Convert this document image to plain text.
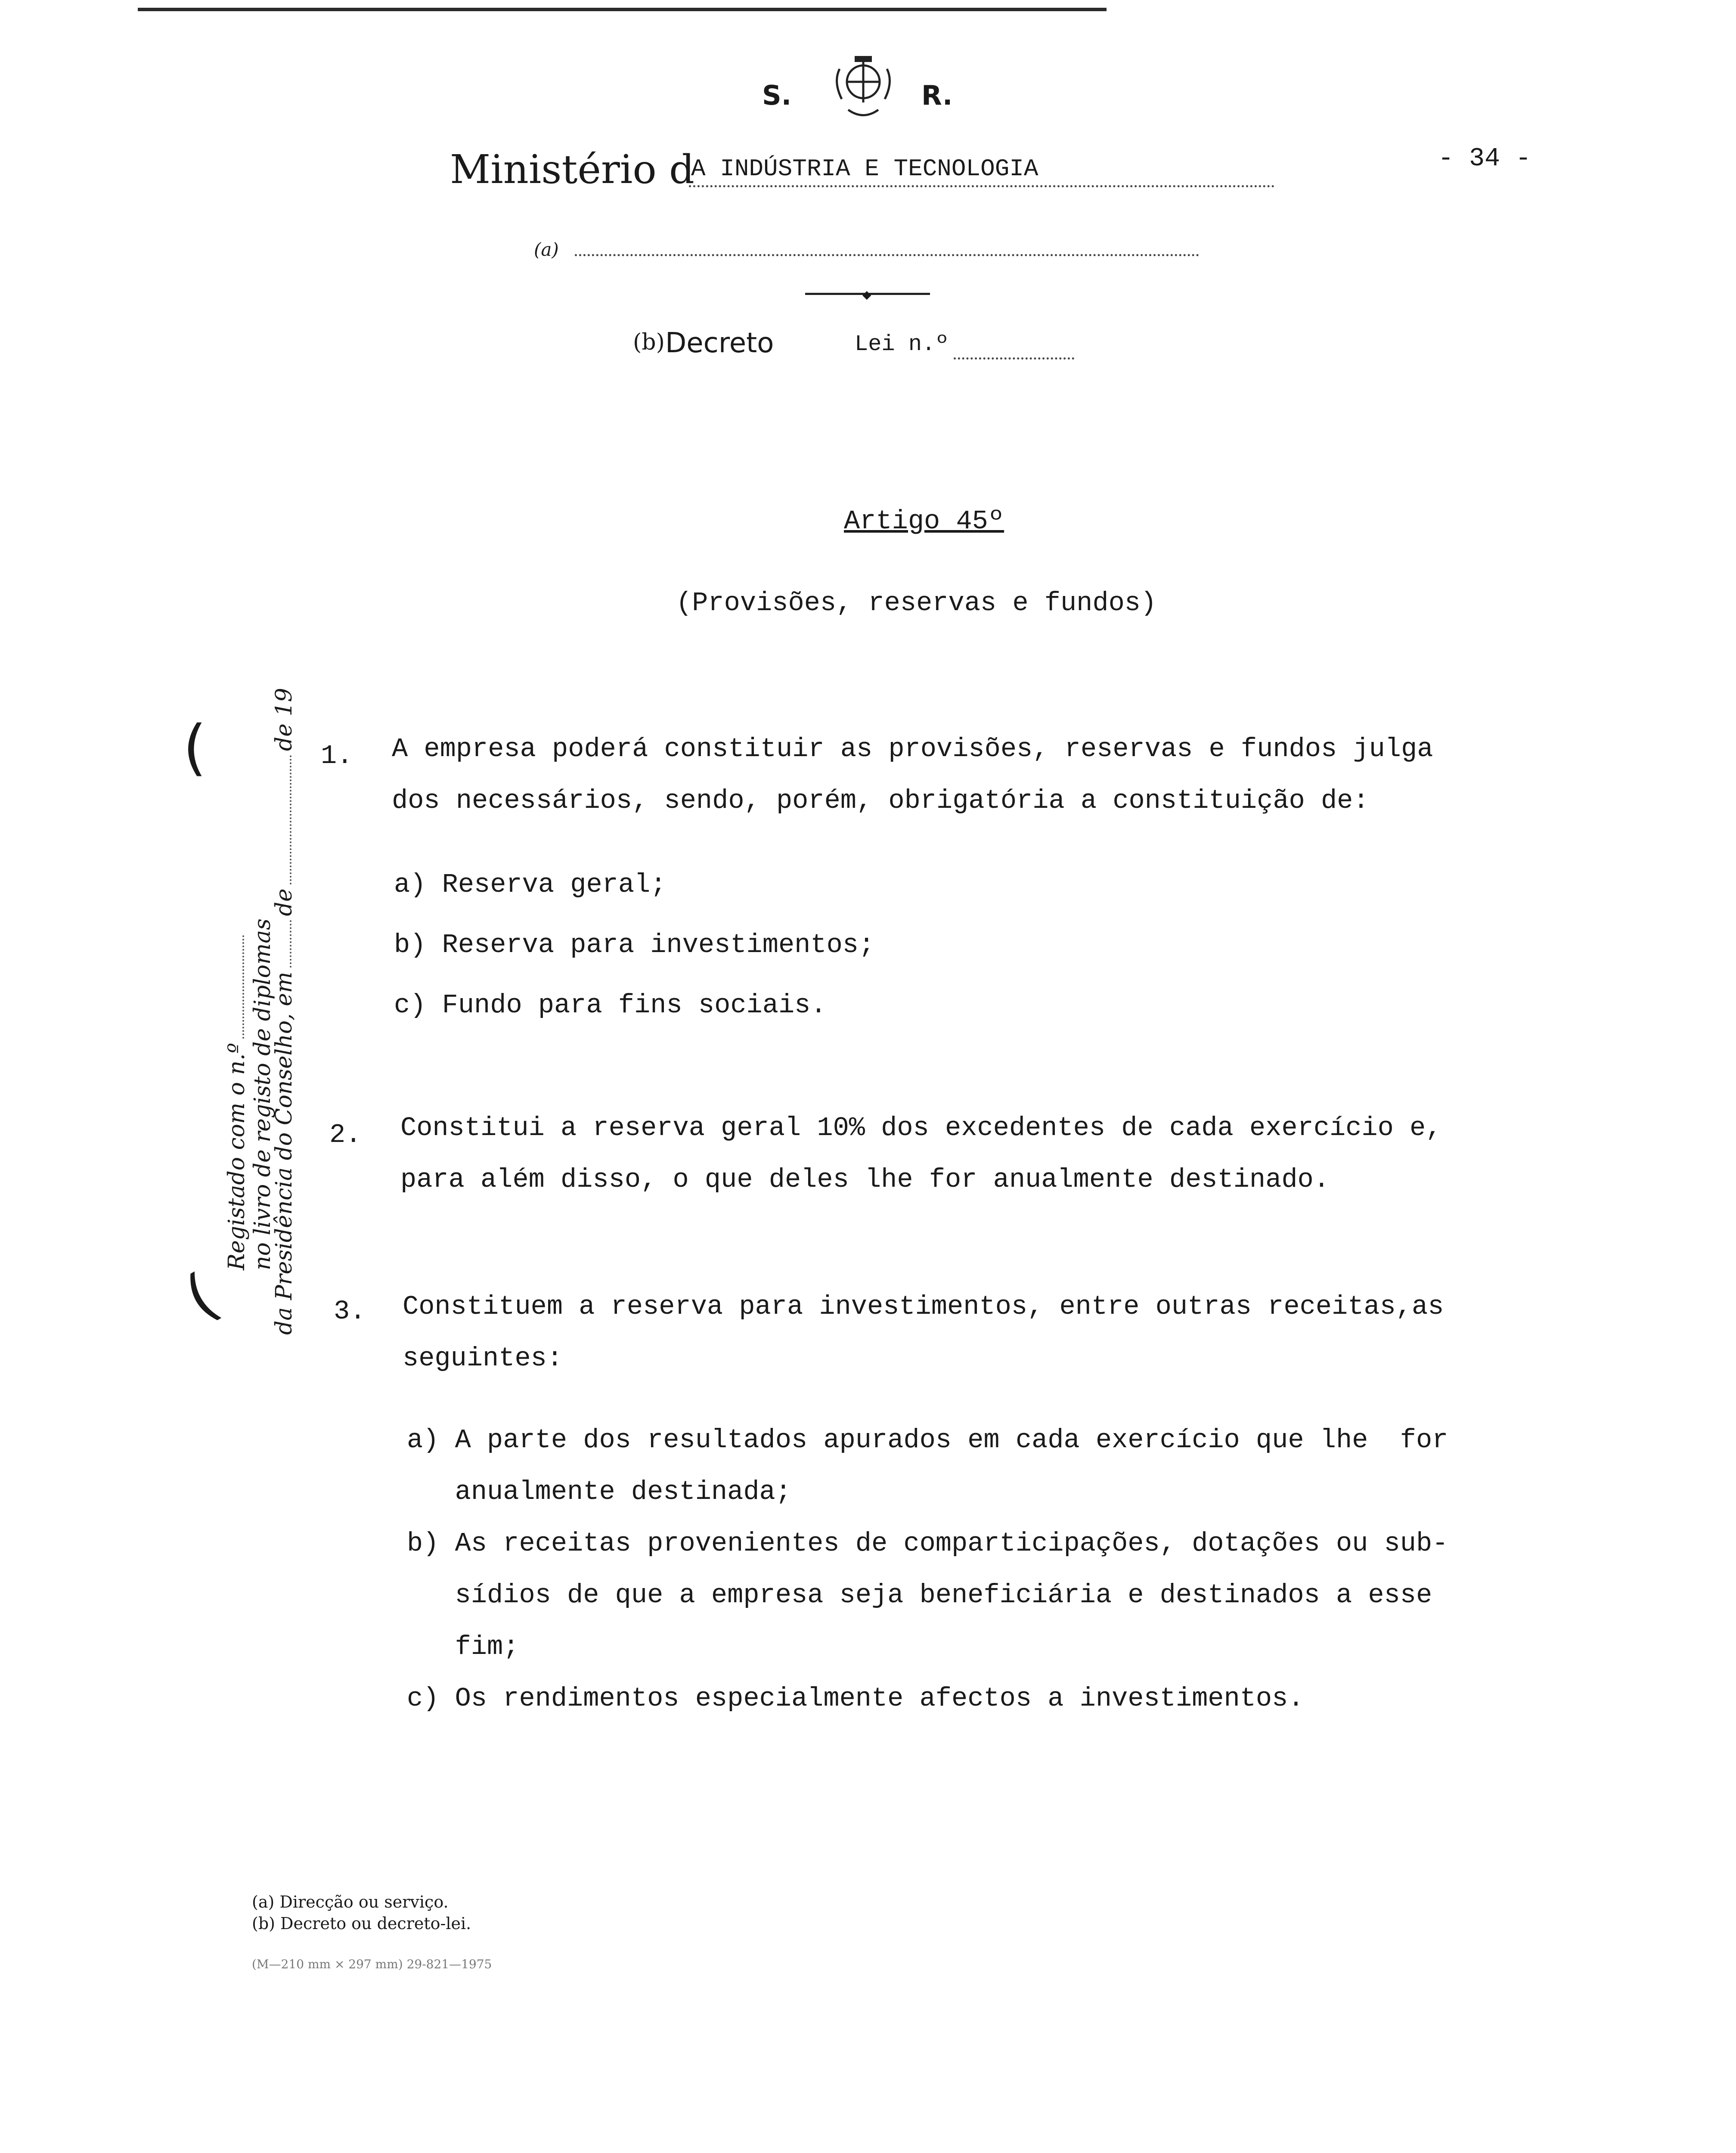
S.	R.
Ministério d
A INDÚSTRIA E TECNOLOGIA	- 34 -
(a)
◆
(b) Decreto	Lei n.º
Artigo 45º
(Provisões, reservas e fundos)
Registado com o n.º  no livro de registo de diplomas
da Presidência do Conselho, em  de  de 19
(
(
1. A empresa poderá constituir as provisões, reservas e fundos julga
dos necessários, sendo, porém, obrigatória a constituição de:
a) Reserva geral;
b) Reserva para investimentos;
c) Fundo para fins sociais.
2. Constitui a reserva geral 10% dos excedentes de cada exercício e,
para além disso, o que deles lhe for anualmente destinado.
3. Constituem a reserva para investimentos, entre outras receitas,as
seguintes:
a) A parte dos resultados apurados em cada exercício que lhe  for
anualmente destinada;
b) As receitas provenientes de comparticipações, dotações ou sub-
sídios de que a empresa seja beneficiária e destinados a esse
fim;
c) Os rendimentos especialmente afectos a investimentos.
(a) Direcção ou serviço.
(b) Decreto ou decreto-lei.
(M—210 mm × 297 mm) 29-821—1975
